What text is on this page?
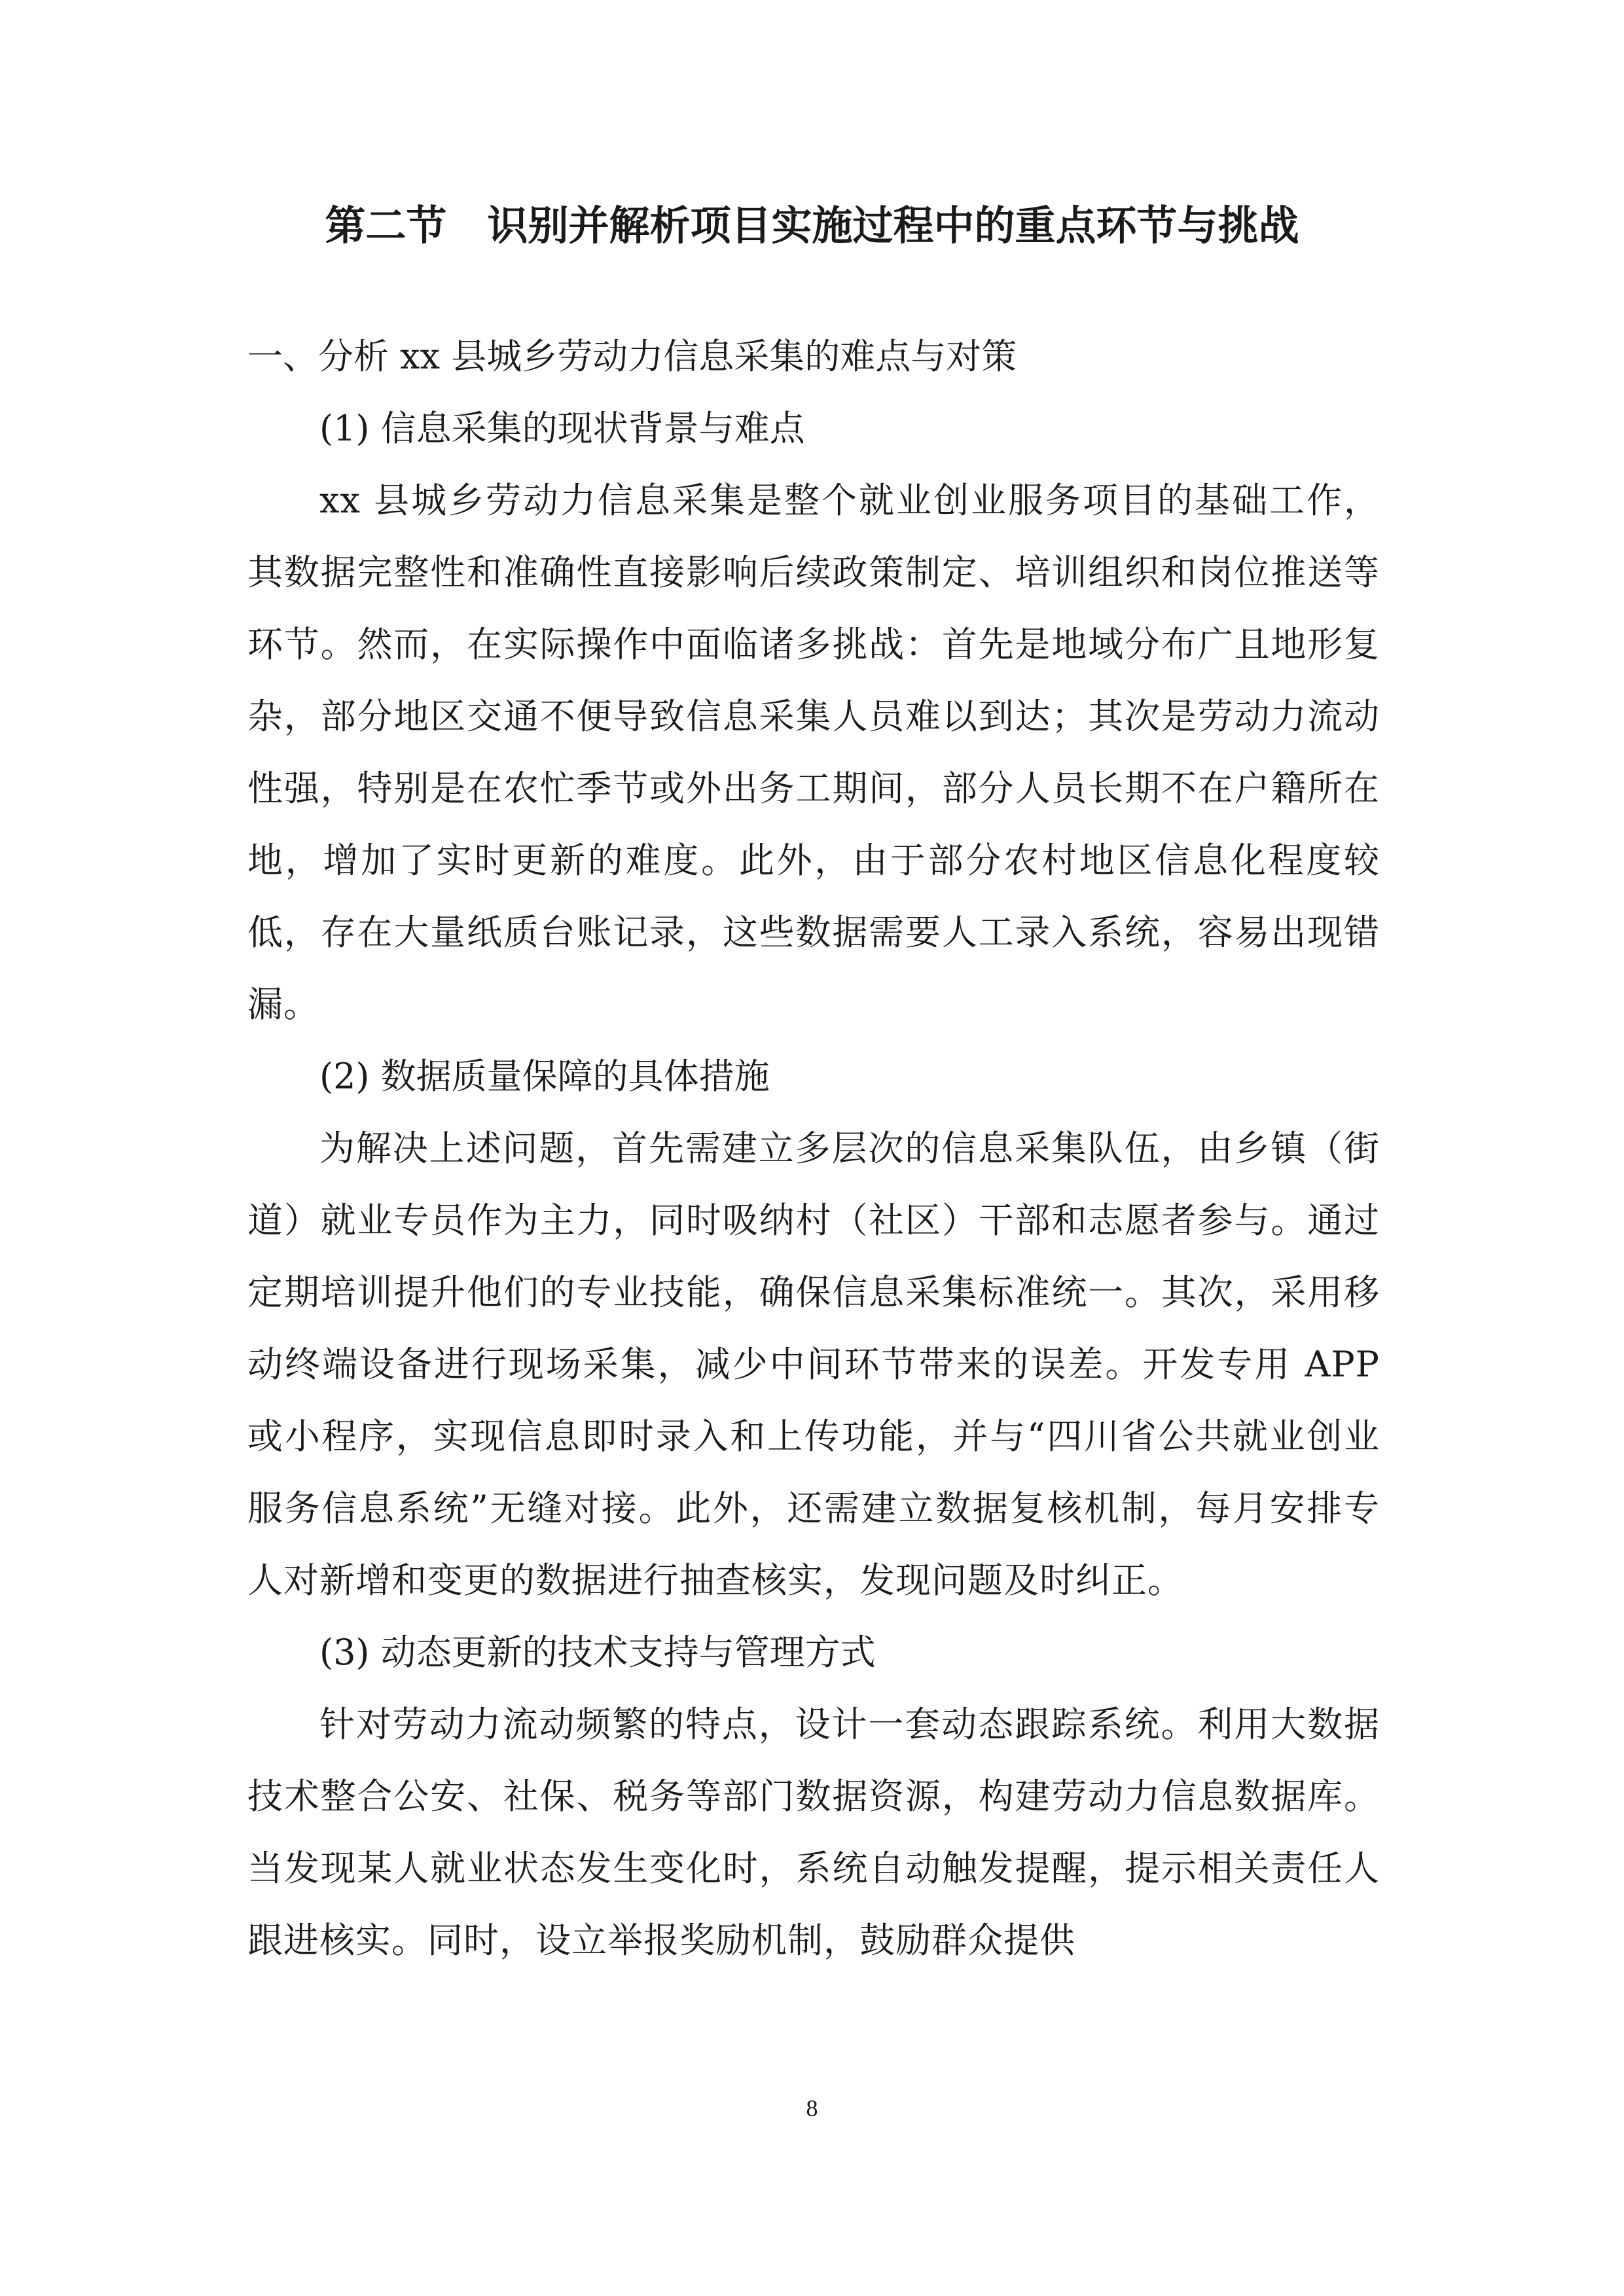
第二节　识别并解析项目实施过程中的重点环节与挑战

一、分析 xx 县城乡劳动力信息采集的难点与对策

(1) 信息采集的现状背景与难点

xx 县城乡劳动力信息采集是整个就业创业服务项目的基础工作，其数据完整性和准确性直接影响后续政策制定、培训组织和岗位推送等环节。然而，在实际操作中面临诸多挑战：首先是地域分布广且地形复杂，部分地区交通不便导致信息采集人员难以到达；其次是劳动力流动性强，特别是在农忙季节或外出务工期间，部分人员长期不在户籍所在地，增加了实时更新的难度。此外，由于部分农村地区信息化程度较低，存在大量纸质台账记录，这些数据需要人工录入系统，容易出现错漏。

(2) 数据质量保障的具体措施

为解决上述问题，首先需建立多层次的信息采集队伍，由乡镇（街道）就业专员作为主力，同时吸纳村（社区）干部和志愿者参与。通过定期培训提升他们的专业技能，确保信息采集标准统一。其次，采用移动终端设备进行现场采集，减少中间环节带来的误差。开发专用 APP 或小程序，实现信息即时录入和上传功能，并与“四川省公共就业创业服务信息系统”无缝对接。此外，还需建立数据复核机制，每月安排专人对新增和变更的数据进行抽查核实，发现问题及时纠正。

(3) 动态更新的技术支持与管理方式

针对劳动力流动频繁的特点，设计一套动态跟踪系统。利用大数据技术整合公安、社保、税务等部门数据资源，构建劳动力信息数据库。当发现某人就业状态发生变化时，系统自动触发提醒，提示相关责任人跟进核实。同时，设立举报奖励机制，鼓励群众提供

8
